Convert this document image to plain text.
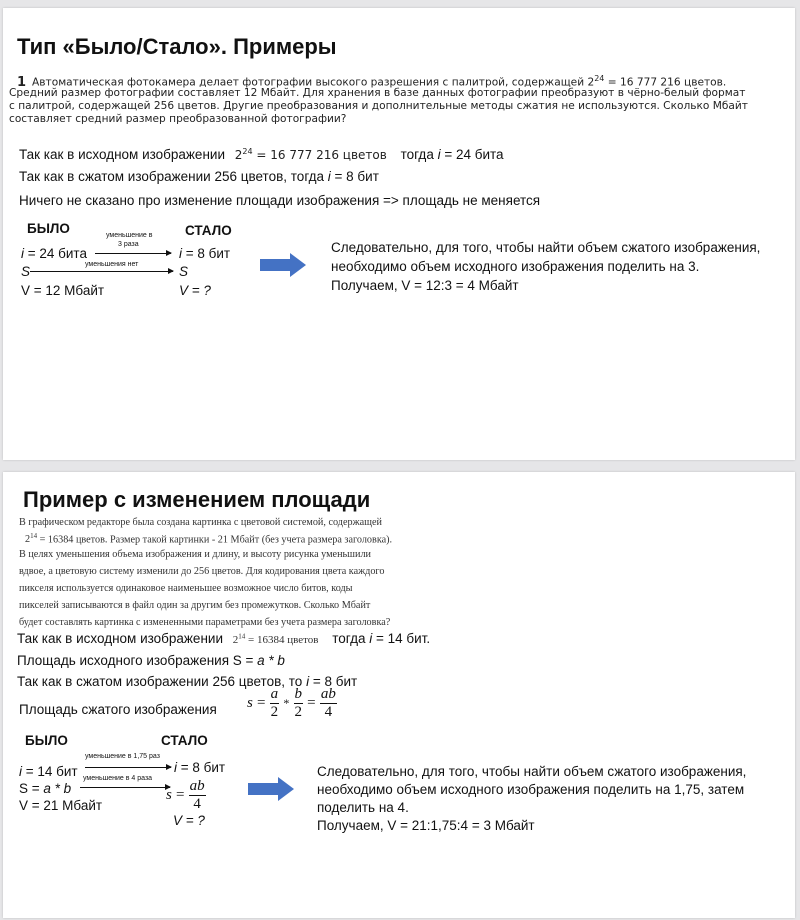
Тип «Было/Стало». Примеры
1 Автоматическая фотокамера делает фотографии высокого разрешения с палитрой, содержащей $2^{24} = 16$ 777 216 цветов.
Средний размер фотографии составляет 12 Мбайт. Для хранения в базе данных фотографии преобразуют в чёрно-белый формат
с палитрой, содержащей 256 цветов. Другие преобразования и дополнительные методы сжатия не используются. Сколько Мбайт
составляет средний размер преобразованной фотографии?
Так как в исходном изображении $2^{24} = 16$ 777 216 цветов тогда i = 24 бита
Так как в сжатом изображении 256 цветов, тогда i = 8 бит
Ничего не сказано про изменение площади изображения => площадь не меняется
БЫЛО	СТАЛО
уменьшение в
3 раза
уменьшения нет
i = 24 бита
S
V = 12 Мбайт
i = 8 бит
S
V = ?
Следовательно, для того, чтобы найти объем сжатого изображения,
необходимо объем исходного изображения поделить на 3.
Получаем, V = 12:3 = 4 Мбайт
Пример с изменением площади
В графическом редакторе была создана картинка с цветовой системой, содержащей
$2^{14} = 16384$ цветов. Размер такой картинки - 21 Мбайт (без учета размера заголовка).
В целях уменьшения объема изображения и длину, и высоту рисунка уменьшили
вдвое, а цветовую систему изменили до 256 цветов. Для кодирования цвета каждого
пикселя используется одинаковое наименьшее возможное число битов, коды
пикселей записываются в файл один за другим без промежутков. Сколько Мбайт
будет составлять картинка с измененными параметрами без учета размера заголовка?
Так как в исходном изображении $2^{14} = 16384$ цветов тогда i = 14 бит.
Площадь исходного изображения S = a * b
Так как в сжатом изображении 256 цветов, то i = 8 бит
Площадь сжатого изображения $s = \frac{a}{2} * \frac{b}{2} = \frac{ab}{4}$
БЫЛО	СТАЛО
уменьшение в 1,75 раз
уменьшение в 4 раза
i = 14 бит
S = a * b
V = 21 Мбайт
i = 8 бит
$s = \frac{ab}{4}$
V = ?
Следовательно, для того, чтобы найти объем сжатого изображения,
необходимо объем исходного изображения поделить на 1,75, затем
поделить на 4.
Получаем, V = 21:1,75:4 = 3 Мбайт
